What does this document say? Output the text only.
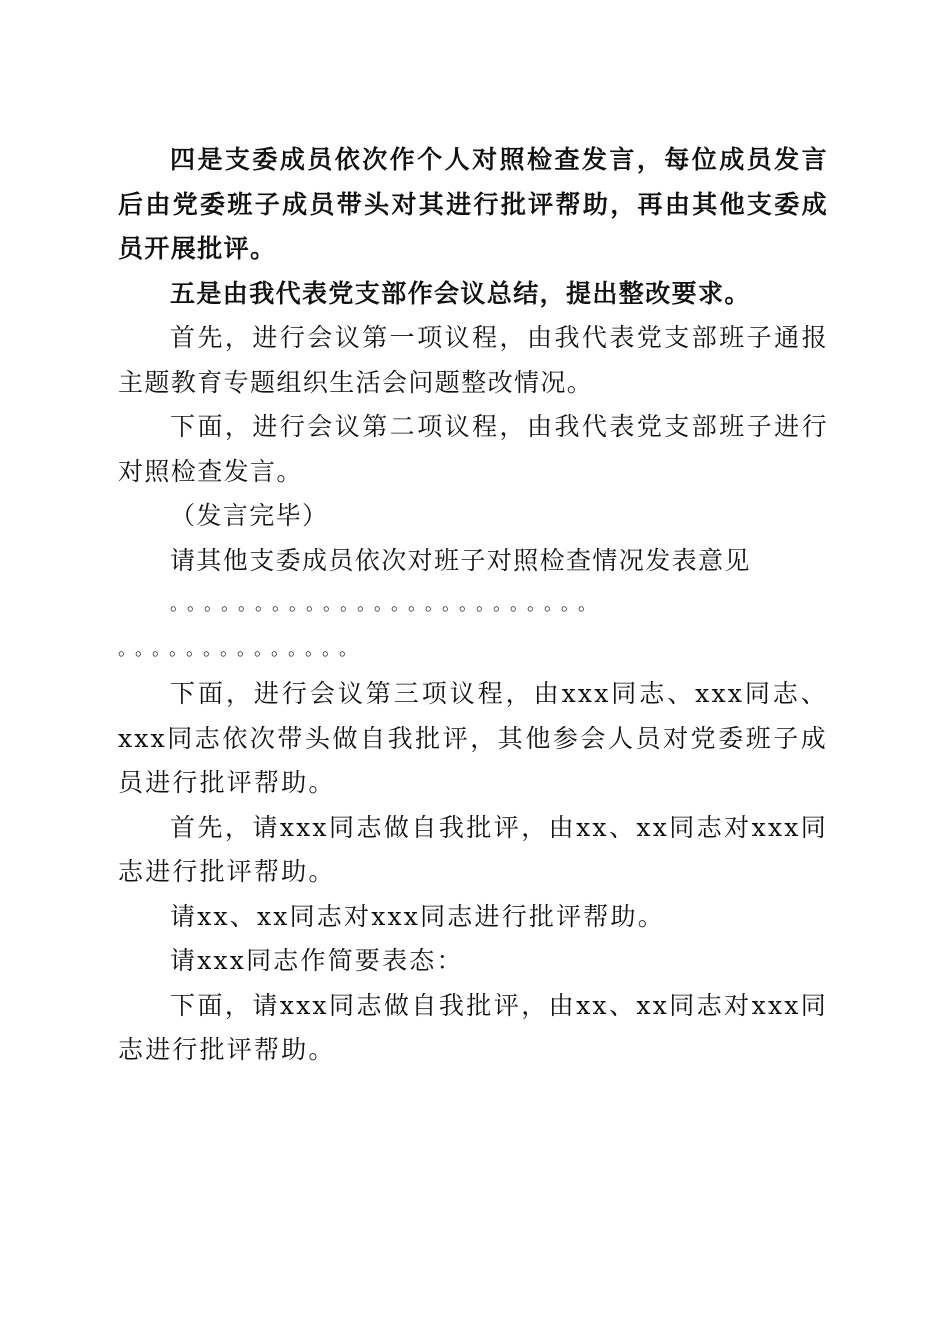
四是支委成员依次作个人对照检查发言，每位成员发言后由党委班子成员带头对其进行批评帮助，再由其他支委成员开展批评。

五是由我代表党支部作会议总结，提出整改要求。

首先，进行会议第一项议程，由我代表党支部班子通报主题教育专题组织生活会问题整改情况。

下面，进行会议第二项议程，由我代表党支部班子进行对照检查发言。

（发言完毕）

请其他支委成员依次对班子对照检查情况发表意见

。。。。。。。。。。。。。。。。。。。。。。。。。

。。。。。。。。。。。。。。

下面，进行会议第三项议程，由xxx同志、xxx同志、xxx同志依次带头做自我批评，其他参会人员对党委班子成员进行批评帮助。

首先，请xxx同志做自我批评，由xx、xx同志对xxx同志进行批评帮助。

请xx、xx同志对xxx同志进行批评帮助。

请xxx同志作简要表态：

下面，请xxx同志做自我批评，由xx、xx同志对xxx同志进行批评帮助。
